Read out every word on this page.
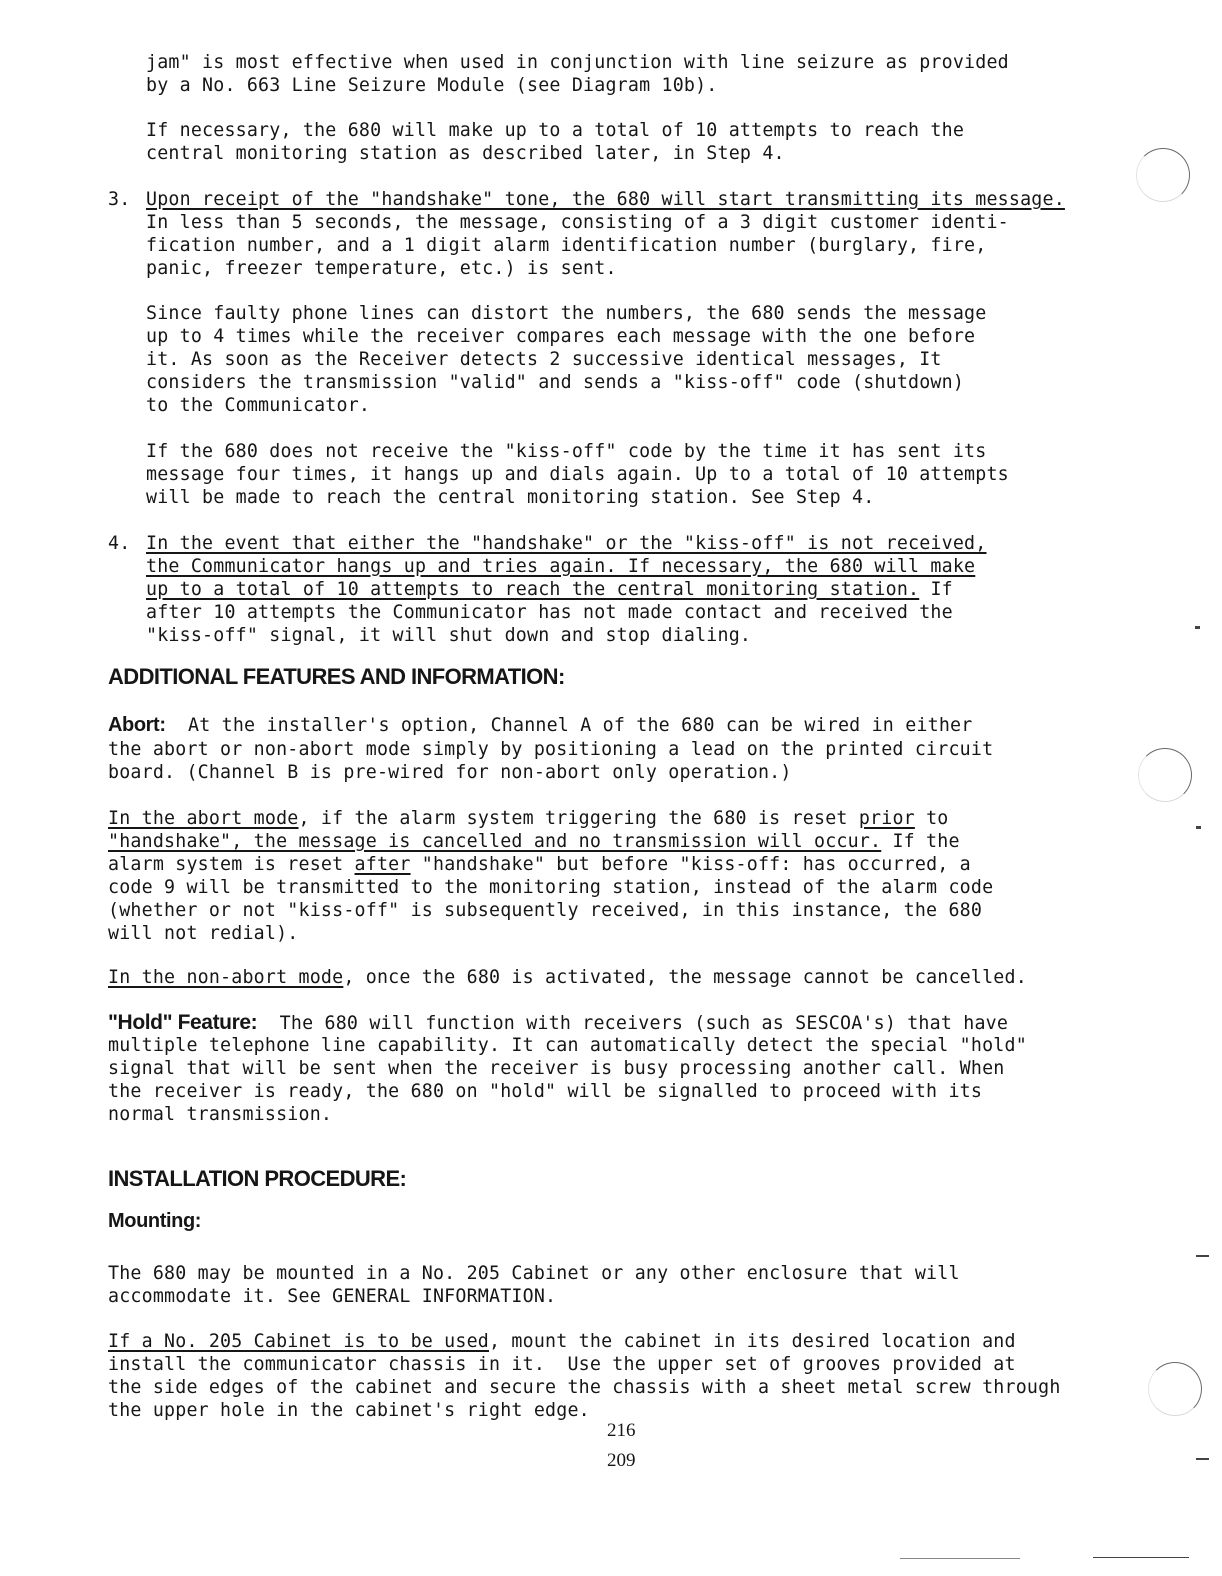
jam" is most effective when used in conjunction with line seizure as provided
by a No. 663 Line Seizure Module (see Diagram 10b).
If necessary, the 680 will make up to a total of 10 attempts to reach the
central monitoring station as described later, in Step 4.
3. Upon receipt of the "handshake" tone, the 680 will start transmitting its message.
In less than 5 seconds, the message, consisting of a 3 digit customer identi-
fication number, and a 1 digit alarm identification number (burglary, fire,
panic, freezer temperature, etc.) is sent.
Since faulty phone lines can distort the numbers, the 680 sends the message
up to 4 times while the receiver compares each message with the one before
it. As soon as the Receiver detects 2 successive identical messages, It
considers the transmission "valid" and sends a "kiss-off" code (shutdown)
to the Communicator.
If the 680 does not receive the "kiss-off" code by the time it has sent its
message four times, it hangs up and dials again. Up to a total of 10 attempts
will be made to reach the central monitoring station. See Step 4.
4. In the event that either the "handshake" or the "kiss-off" is not received,
the Communicator hangs up and tries again. If necessary, the 680 will make
up to a total of 10 attempts to reach the central monitoring station. If
after 10 attempts the Communicator has not made contact and received the
"kiss-off" signal, it will shut down and stop dialing.
ADDITIONAL FEATURES AND INFORMATION:
Abort:  At the installer's option, Channel A of the 680 can be wired in either
the abort or non-abort mode simply by positioning a lead on the printed circuit
board. (Channel B is pre-wired for non-abort only operation.)
In the abort mode, if the alarm system triggering the 680 is reset prior to
"handshake", the message is cancelled and no transmission will occur. If the
alarm system is reset after "handshake" but before "kiss-off: has occurred, a
code 9 will be transmitted to the monitoring station, instead of the alarm code
(whether or not "kiss-off" is subsequently received, in this instance, the 680
will not redial).
In the non-abort mode, once the 680 is activated, the message cannot be cancelled.
"Hold" Feature:  The 680 will function with receivers (such as SESCOA's) that have
multiple telephone line capability. It can automatically detect the special "hold"
signal that will be sent when the receiver is busy processing another call. When
the receiver is ready, the 680 on "hold" will be signalled to proceed with its
normal transmission.
INSTALLATION PROCEDURE:
Mounting:
The 680 may be mounted in a No. 205 Cabinet or any other enclosure that will
accommodate it. See GENERAL INFORMATION.
If a No. 205 Cabinet is to be used, mount the cabinet in its desired location and
install the communicator chassis in it.  Use the upper set of grooves provided at
the side edges of the cabinet and secure the chassis with a sheet metal screw through
the upper hole in the cabinet's right edge.
216
209
